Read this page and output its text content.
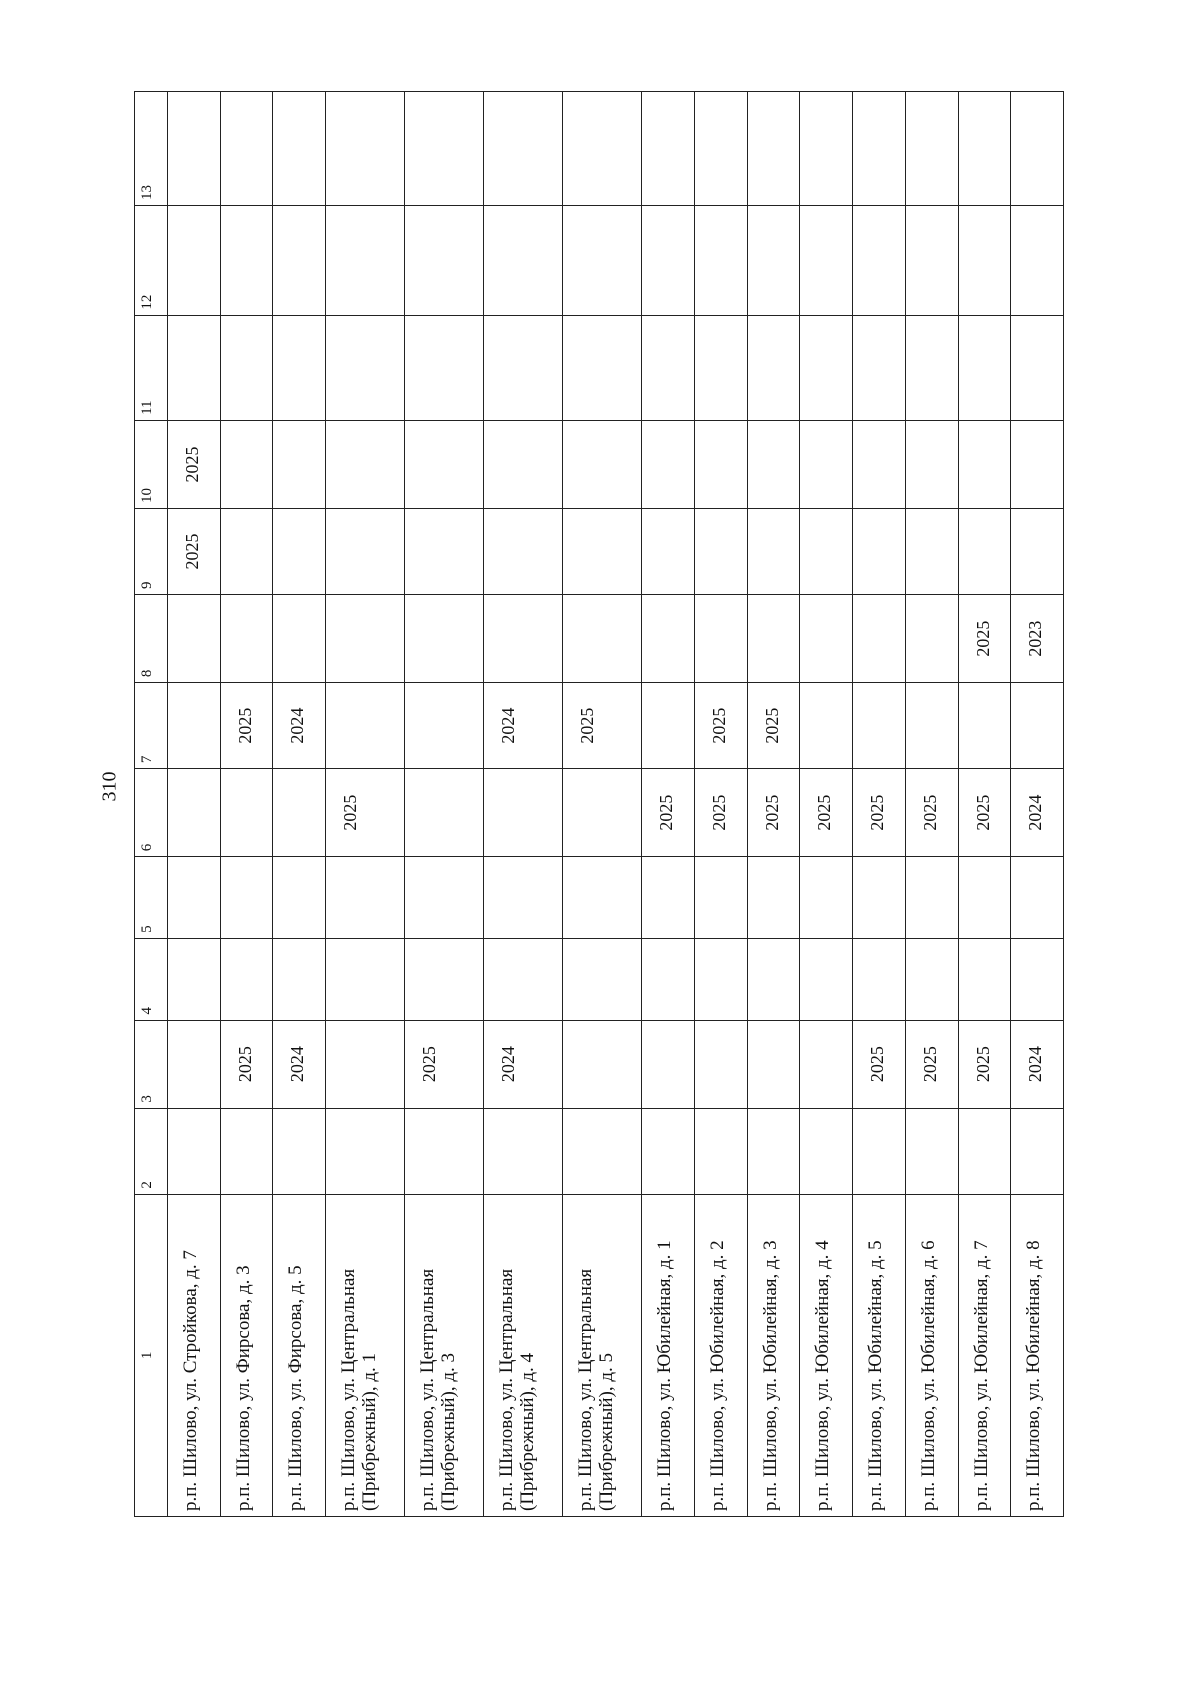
310
1	2	3	4	5	6	7	8	9	10	11	12	13
р.п. Шилово, ул. Стройкова, д. 7								2025	2025			
р.п. Шилово, ул. Фирсова, д. 3		2025				2025						
р.п. Шилово, ул. Фирсова, д. 5		2024				2024						
р.п. Шилово, ул. Центральная (Прибрежный), д. 1					2025							
р.п. Шилово, ул. Центральная (Прибрежный), д. 3		2025										
р.п. Шилово, ул. Центральная (Прибрежный), д. 4		2024				2024						
р.п. Шилово, ул. Центральная (Прибрежный), д. 5						2025						
р.п. Шилово, ул. Юбилейная, д. 1					2025							
р.п. Шилово, ул. Юбилейная, д. 2					2025	2025						
р.п. Шилово, ул. Юбилейная, д. 3					2025	2025						
р.п. Шилово, ул. Юбилейная, д. 4					2025							
р.п. Шилово, ул. Юбилейная, д. 5		2025			2025							
р.п. Шилово, ул. Юбилейная, д. 6		2025			2025							
р.п. Шилово, ул. Юбилейная, д. 7		2025			2025		2025					
р.п. Шилово, ул. Юбилейная, д. 8		2024			2024		2023					
